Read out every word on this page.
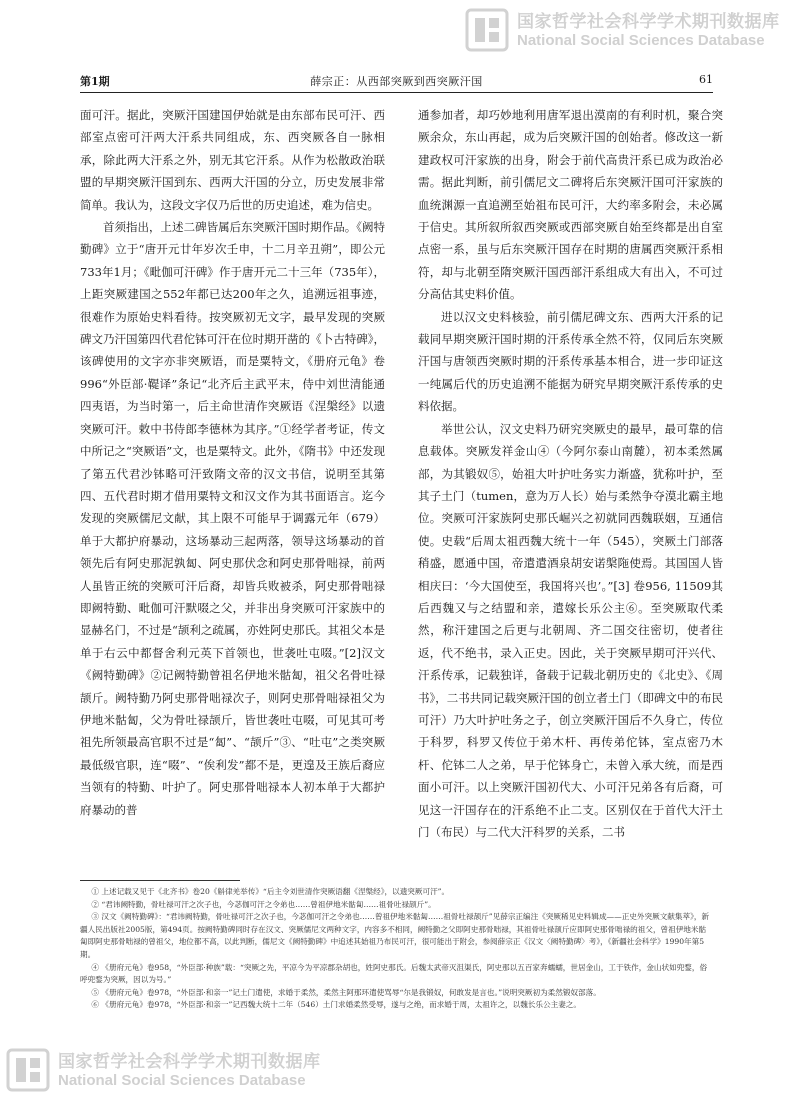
国家哲学社会科学学术期刊数据库
National Social Sciences Database
国家哲学社会科学学术期刊数据库
National Social Sciences Database
第1期	薛宗正：从西部突厥到西突厥汗国	61

面可汗。据此，突厥汗国建国伊始就是由东部布民可汗、西部室点密可汗两大汗系共同组成，东、西突厥各自一脉相承，除此两大汗系之外，别无其它汗系。从作为松散政治联盟的早期突厥汗国到东、西两大汗国的分立，历史发展非常简单。我认为，这段文字仅乃后世的历史追述，难为信史。

首须指出，上述二碑皆属后东突厥汗国时期作品。《阙特勤碑》立于“唐开元廿年岁次壬申，十二月辛丑朔”，即公元733年1月；《毗伽可汗碑》作于唐开元二十三年（735年），上距突厥建国之552年都已达200年之久，追溯远祖事迹，很难作为原始史料看待。按突厥初无文字，最早发现的突厥碑文乃汗国第四代君佗钵可汗在位时期开凿的《卜古特碑》，该碑使用的文字亦非突厥语，而是粟特文，《册府元龟》卷996“外臣部·鞮译”条记“北齐后主武平末，侍中刘世清能通四夷语，为当时第一，后主命世清作突厥语《涅槃经》以遗突厥可汗。敕中书侍郎李德林为其序。”①经学者考证，传文中所记之“突厥语”文，也是粟特文。此外，《隋书》中还发现了第五代君沙钵略可汗致隋文帝的汉文书信，说明至其第四、五代君时期才借用粟特文和汉文作为其书面语言。迄今发现的突厥儒尼文献，其上限不可能早于调露元年（679）单于大都护府暴动，这场暴动三起两落，领导这场暴动的首领先后有阿史那泥孰匐、阿史那伏念和阿史那骨咄禄，前两人虽皆正统的突厥可汗后裔，却皆兵败被杀，阿史那骨咄禄即阙特勤、毗伽可汗默啜之父，并非出身突厥可汗家族中的显赫名门，不过是“颉利之疏属，亦姓阿史那氏。其祖父本是单于右云中都督舍利元英下首领也，世袭吐屯啜。”[2]汉文《阙特勤碑》②记阙特勤曾祖名伊地米骷匐，祖父名骨吐禄颉斤。阙特勤乃阿史那骨咄禄次子，则阿史那骨咄禄祖父为伊地米骷匐，父为骨吐禄颉斤，皆世袭吐屯啜，可见其可考祖先所领最高官职不过是“匐”、“颉斤”③、“吐屯”之类突厥最低级官职，连“啜”、“俟利发”都不是，更遑及王族后裔应当领有的特勤、叶护了。阿史那骨咄禄本人初本单于大都护府暴动的普

通参加者，却巧妙地利用唐军退出漠南的有利时机，聚合突厥余众，东山再起，成为后突厥汗国的创始者。修改这一新建政权可汗家族的出身，附会于前代高贵汗系已成为政治必需。据此判断，前引儒尼文二碑将后东突厥汗国可汗家族的血统渊源一直追溯至始祖布民可汗，大约率多附会，未必属于信史。其所叙所叙西突厥或西部突厥自始至终都是出自室点密一系，虽与后东突厥汗国存在时期的唐属西突厥汗系相符，却与北朝至隋突厥汗国西部汗系组成大有出入，不可过分高估其史料价值。

进以汉文史料核验，前引儒尼碑文东、西两大汗系的记载同早期突厥汗国时期的汗系传承全然不符，仅同后东突厥汗国与唐领西突厥时期的汗系传承基本相合，进一步印证这一纯属后代的历史追溯不能据为研究早期突厥汗系传承的史料依据。

举世公认，汉文史料乃研究突厥史的最早，最可靠的信息载体。突厥发祥金山④（今阿尔泰山南麓），初本柔然属部，为其锻奴⑤，始祖大叶护吐务实力渐盛，犹称叶护，至其子土门（tumen，意为万人长）始与柔然争夺漠北霸主地位。突厥可汗家族阿史那氏崛兴之初就同西魏联姻，互通信使。史载“后周太祖西魏大统十一年（545），突厥土门部落稍盛，愿通中国，帝遣遣酒泉胡安诺槃陁使焉。其国国人皆相庆曰：‘今大国使至，我国将兴也’。”[3] 卷956, 11509其后西魏又与之结盟和亲，遣嫁长乐公主⑥。至突厥取代柔然，称汗建国之后更与北朝周、齐二国交往密切，使者往返，代不绝书，录入正史。因此，关于突厥早期可汗兴代、汗系传承，记载独详，备载于记载北朝历史的《北史》、《周书》，二书共同记载突厥汗国的创立者土门（即碑文中的布民可汗）乃大叶护吐务之子，创立突厥汗国后不久身亡，传位于科罗，科罗又传位于弟木杆、再传弟佗钵，室点密乃木杆、佗钵二人之弟，早于佗钵身亡，未曾入承大统，而是西面小可汗。以上突厥汗国初代大、小可汗兄弟各有后裔，可见这一汗国存在的汗系绝不止二支。区别仅在于首代大汗土门（布民）与二代大汗科罗的关系，二书

① 上述记载又见于《北齐书》卷20《斛律羌举传》“后主令刘世清作突厥语翻《涅槃经》，以遗突厥可汗”。

② “君讳阙特勤，骨吐禄可汗之次子也，今苾伽可汗之令弟也……曾祖伊地米骷匐……祖骨吐禄颉斤”。

③ 汉文《阙特勤碑》：“君讳阙特勤，骨吐禄可汗之次子也，今苾伽可汗之令弟也……曾祖伊地米骷匐……祖骨吐禄颉斤”见薛宗正编注《突厥稀见史料辑成——正史外突厥文献集萃》，新疆人民出版社2005版，第494页。按阙特勤碑同时存在汉文、突厥儒尼文两种文字，内容多不相同，阙特勤之父即阿史那骨咄禄，其祖骨吐禄颉斤应即阿史那骨咄禄的祖父，曾祖伊地米骷匐即阿史那骨咄禄的曾祖父，地位都不高，以此判断，儒尼文《阙特勤碑》中追述其始祖乃布民可汗，很可能出于附会，参阅薛宗正《汉文〈阙特勤碑〉考》，《新疆社会科学》1990年第5期。

④ 《册府元龟》卷958，“外臣部·种族”载：“突厥之先，平凉今为平凉郡杂胡也，姓阿史那氏。后魏太武帝灭沮渠氏，阿史那以五百家奔蠕蠕，世居金山，工于铁作，金山状如兜鍪，俗呼兜鍪为突厥，因以为号。”

⑤ 《册府元龟》卷978，“外臣部·和亲一”记土门遣使，求婚于柔然，柔然主阿那环遣使骂辱“尔是我锻奴，何敢发是言也。”说明突厥初为柔然锻奴部落。

⑥ 《册府元龟》卷978，“外臣部·和亲一”记西魏大统十二年（546）土门求婚柔然受辱，遂与之绝，而求婚于周，太祖许之，以魏长乐公主妻之。
